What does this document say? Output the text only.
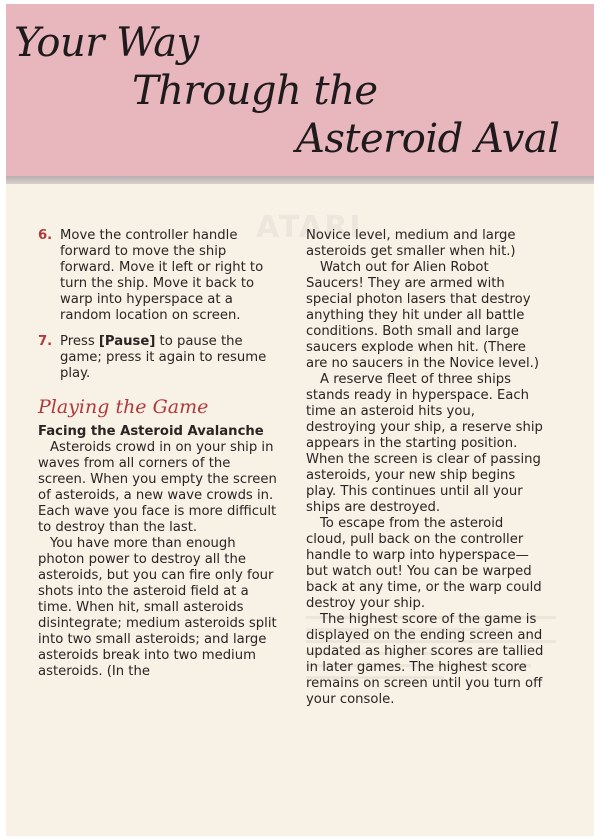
Your Way
Through the
Asteroid Aval
ATARI
6. Move the controller handle forward to move the ship forward. Move it left or right to turn the ship. Move it back to warp into hyperspace at a random location on screen.
7. Press [Pause] to pause the game; press it again to resume play.
Playing the Game
Facing the Asteroid Avalanche

Asteroids crowd in on your ship in waves from all corners of the screen. When you empty the screen of asteroids, a new wave crowds in. Each wave you face is more difficult to destroy than the last.

You have more than enough photon power to destroy all the asteroids, but you can fire only four shots into the asteroid field at a time. When hit, small asteroids disintegrate; medium asteroids split into two small asteroids; and large asteroids break into two medium asteroids. (In the

Novice level, medium and large asteroids get smaller when hit.)

Watch out for Alien Robot Saucers! They are armed with special photon lasers that destroy anything they hit under all battle conditions. Both small and large saucers explode when hit. (There are no saucers in the Novice level.)

A reserve fleet of three ships stands ready in hyperspace. Each time an asteroid hits you, destroying your ship, a reserve ship appears in the starting position. When the screen is clear of passing asteroids, your new ship begins play. This continues until all your ships are destroyed.

To escape from the asteroid cloud, pull back on the controller handle to warp into hyperspace—but watch out! You can be warped back at any time, or the warp could destroy your ship.

The highest score of the game is displayed on the ending screen and updated as higher scores are tallied in later games. The highest score remains on screen until you turn off your console.
